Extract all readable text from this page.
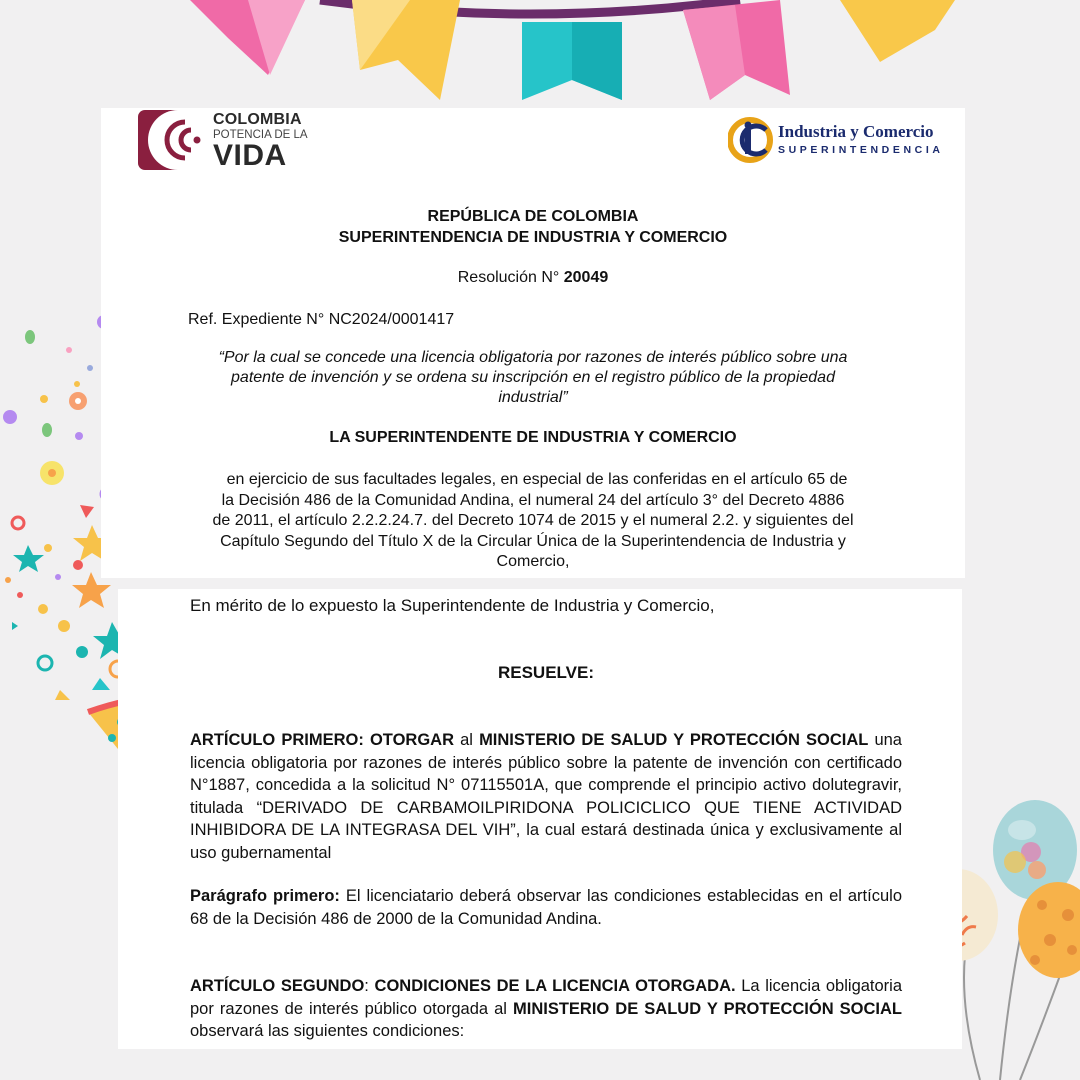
COLOMBIA
POTENCIA DE LA
VIDA
Industria y Comercio
SUPERINTENDENCIA
REPÚBLICA DE COLOMBIA
SUPERINTENDENCIA DE INDUSTRIA Y COMERCIO
Resolución N° 20049
Ref. Expediente N° NC2024/0001417
“Por la cual se concede una licencia obligatoria por razones de interés público sobre una
patente de invención y se ordena su inscripción en el registro público de la propiedad
industrial”
LA SUPERINTENDENTE DE INDUSTRIA Y COMERCIO
en ejercicio de sus facultades legales, en especial de las conferidas en el artículo 65 de
la Decisión 486 de la Comunidad Andina, el numeral 24 del artículo 3° del Decreto 4886
de 2011, el artículo 2.2.2.24.7. del Decreto 1074 de 2015 y el numeral 2.2. y siguientes del
Capítulo Segundo del Título X de la Circular Única de la Superintendencia de Industria y
Comercio,
En mérito de lo expuesto la Superintendente de Industria y Comercio,
RESUELVE:
ARTÍCULO PRIMERO: OTORGAR al MINISTERIO DE SALUD Y PROTECCIÓN SOCIAL una licencia obligatoria por razones de interés público sobre la patente de invención con certificado N°1887, concedida a la solicitud N° 07115501A, que comprende el principio activo dolutegravir, titulada “DERIVADO DE CARBAMOILPIRIDONA POLICICLICO QUE TIENE ACTIVIDAD INHIBIDORA DE LA INTEGRASA DEL VIH”, la cual estará destinada única y exclusivamente al uso gubernamental
Parágrafo primero: El licenciatario deberá observar las condiciones establecidas en el artículo 68 de la Decisión 486 de 2000 de la Comunidad Andina.
ARTÍCULO SEGUNDO: CONDICIONES DE LA LICENCIA OTORGADA. La licencia obligatoria por razones de interés público otorgada al MINISTERIO DE SALUD Y PROTECCIÓN SOCIAL observará las siguientes condiciones:
